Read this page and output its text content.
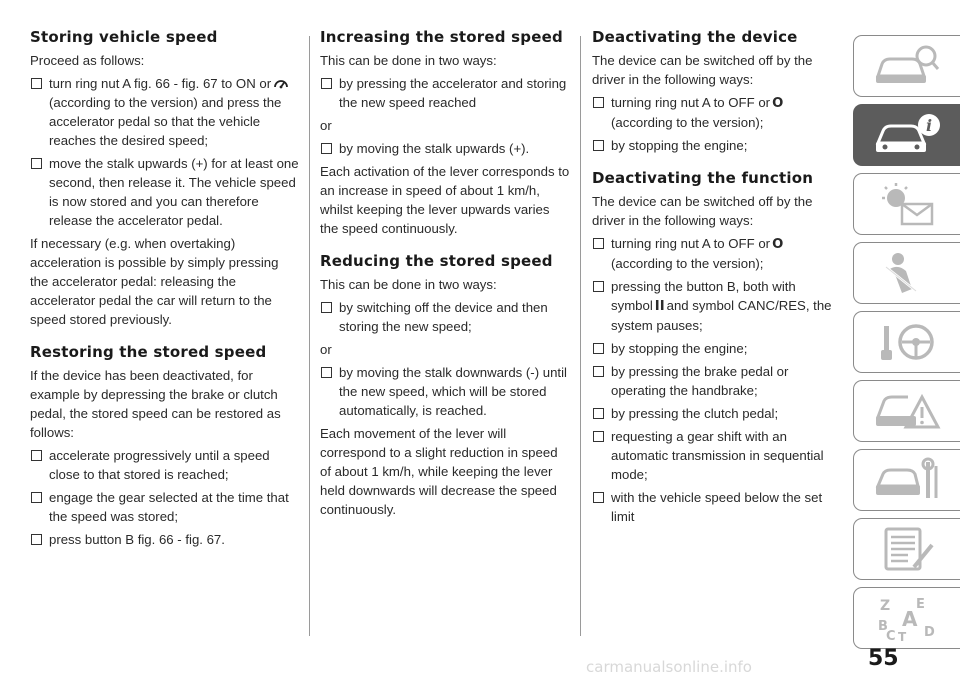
Storing vehicle speed

Proceed as follows:

turn ring nut A fig. 66 - fig. 67 to ON or(according to the version) and press the accelerator pedal so that the vehicle reaches the desired speed;
move the stalk upwards (+) for at least one second, then release it. The vehicle speed is now stored and you can therefore release the accelerator pedal.

If necessary (e.g. when overtaking) acceleration is possible by simply pressing the accelerator pedal: releasing the accelerator pedal the car will return to the speed stored previously.

Restoring the stored speed

If the device has been deactivated, for example by depressing the brake or clutch pedal, the stored speed can be restored as follows:

accelerate progressively until a speed close to that stored is reached;
engage the gear selected at the time that the speed was stored;
press button B fig. 66 - fig. 67.
Increasing the stored speed

This can be done in two ways:

by pressing the accelerator and storing the new speed reached

or

by moving the stalk upwards (+).

Each activation of the lever corresponds to an increase in speed of about 1 km/h, whilst keeping the lever upwards varies the speed continuously.

Reducing the stored speed

This can be done in two ways:

by switching off the device and then storing the new speed;

or

by moving the stalk downwards (-) until the new speed, which will be stored automatically, is reached.

Each movement of the lever will correspond to a slight reduction in speed of about 1 km/h, while keeping the lever held downwards will decrease the speed continuously.

Deactivating the device

The device can be switched off by the driver in the following ways:

turning ring nut A to OFF or O(according to the version);
by stopping the engine;
Deactivating the function

The device can be switched off by the driver in the following ways:

turning ring nut A to OFF or O(according to the version);
pressing the button B, both with symbol II and symbol CANC/RES, the system pauses;
by stopping the engine;
by pressing the brake pedal or operating the handbrake;
by pressing the clutch pedal;
requesting a gear shift with an automatic transmission in sequential mode;
with the vehicle speed below the set limit
i
Z E
A
B
C T D
55
carmanualsonline.info
